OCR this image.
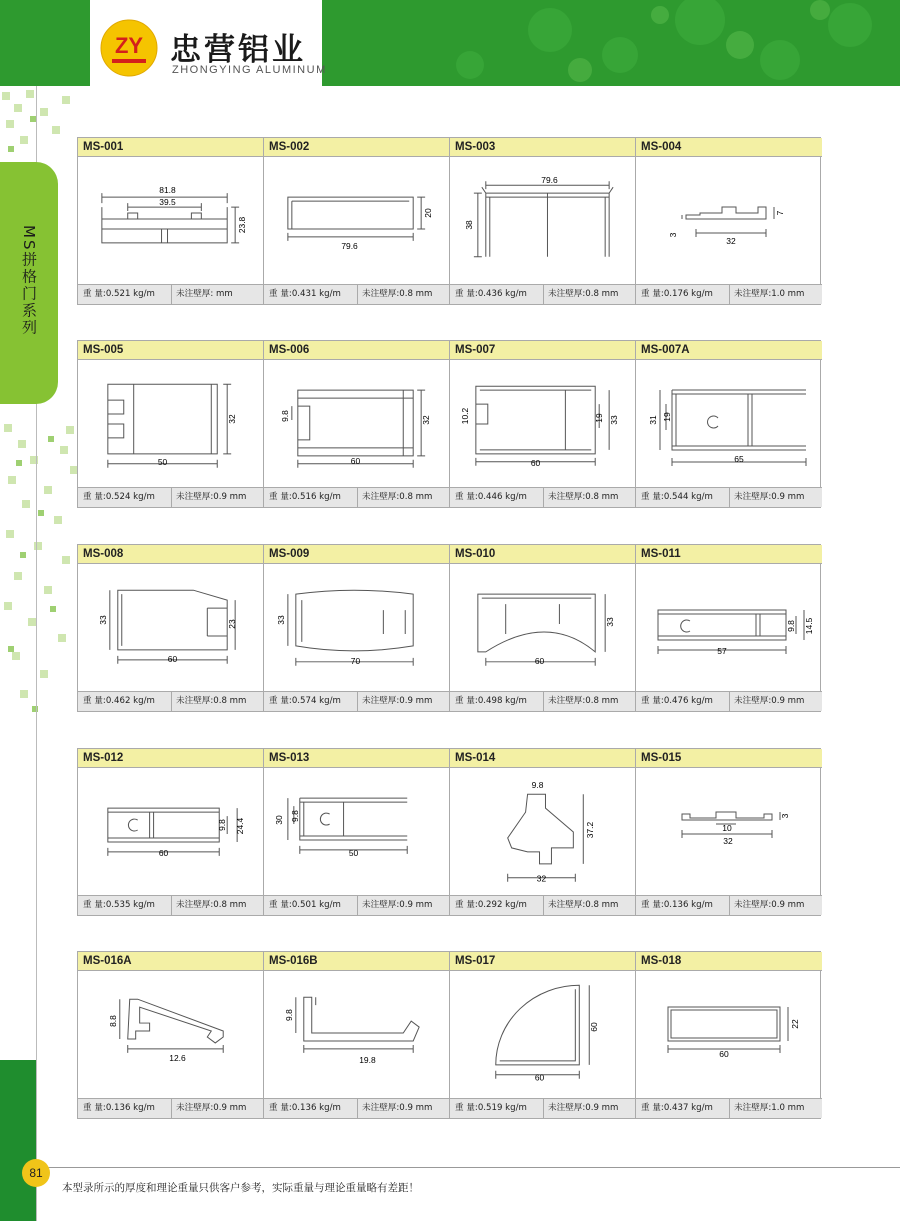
ZY 忠营铝业
ZHONGYING ALUMINUM
MS拼格门系列
81
本型录所示的厚度和理论重量只供客户参考，实际重量与理论重量略有差距！
MS-001
81.8
39.5
23.8
重 量:0.521 kg/m 未注壁厚: mm
MS-002
79.6
20
重 量:0.431 kg/m 未注壁厚:0.8 mm
MS-003
79.6
38
重 量:0.436 kg/m 未注壁厚:0.8 mm
MS-004
32
3
7
重 量:0.176 kg/m 未注壁厚:1.0 mm
MS-005
50
32
重 量:0.524 kg/m 未注壁厚:0.9 mm
MS-006
60
9.8	32
重 量:0.516 kg/m 未注壁厚:0.8 mm
MS-007
60
10.2	19 33
重 量:0.446 kg/m 未注壁厚:0.8 mm
MS-007A
65
31 19
重 量:0.544 kg/m 未注壁厚:0.9 mm
MS-008
60
33	23
重 量:0.462 kg/m 未注壁厚:0.8 mm
MS-009
70
33
重 量:0.574 kg/m 未注壁厚:0.9 mm
MS-010
60
33
重 量:0.498 kg/m 未注壁厚:0.8 mm
MS-011
57
9.8 14.5
重 量:0.476 kg/m 未注壁厚:0.9 mm
MS-012
60
9.8 24.4
重 量:0.535 kg/m 未注壁厚:0.8 mm
MS-013
50
30 9.8
重 量:0.501 kg/m 未注壁厚:0.9 mm
MS-014
32
9.8
37.2
重 量:0.292 kg/m 未注壁厚:0.8 mm
MS-015
32
10
3
重 量:0.136 kg/m 未注壁厚:0.9 mm
MS-016A
12.6
8.8
重 量:0.136 kg/m 未注壁厚:0.9 mm
MS-016B
19.8
9.8
重 量:0.136 kg/m 未注壁厚:0.9 mm
MS-017
60
60
重 量:0.519 kg/m 未注壁厚:0.9 mm
MS-018
60
22
重 量:0.437 kg/m 未注壁厚:1.0 mm
